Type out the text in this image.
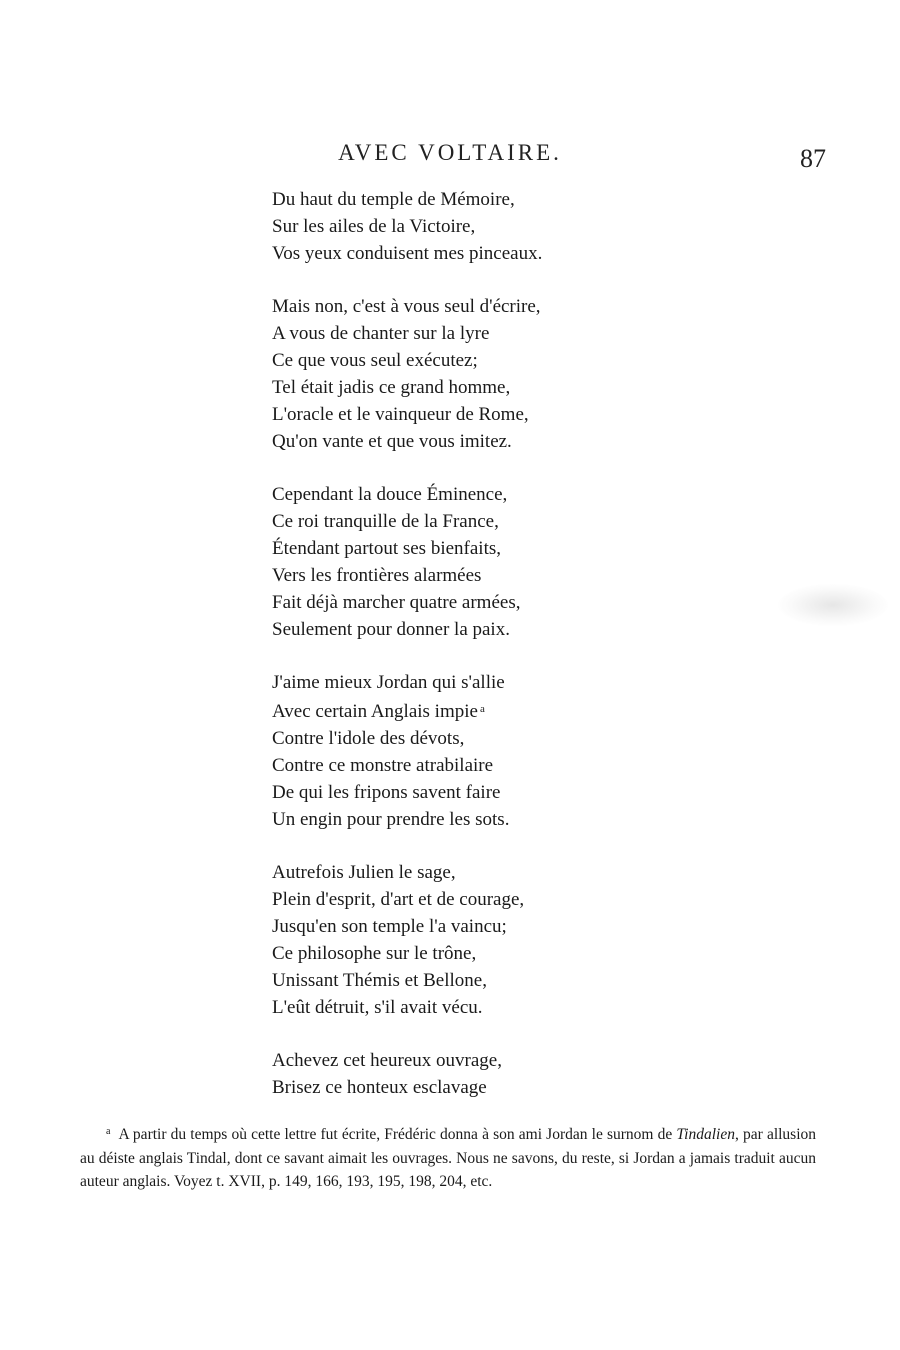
AVEC VOLTAIRE.	87
Du haut du temple de Mémoire,
Sur les ailes de la Victoire,
Vos yeux conduisent mes pinceaux.
Mais non, c'est à vous seul d'écrire,
A vous de chanter sur la lyre
Ce que vous seul exécutez;
Tel était jadis ce grand homme,
L'oracle et le vainqueur de Rome,
Qu'on vante et que vous imitez.
Cependant la douce Éminence,
Ce roi tranquille de la France,
Étendant partout ses bienfaits,
Vers les frontières alarmées
Fait déjà marcher quatre armées,
Seulement pour donner la paix.
J'aime mieux Jordan qui s'allie
Avec certain Anglais impie $^a$
Contre l'idole des dévots,
Contre ce monstre atrabilaire
De qui les fripons savent faire
Un engin pour prendre les sots.
Autrefois Julien le sage,
Plein d'esprit, d'art et de courage,
Jusqu'en son temple l'a vaincu;
Ce philosophe sur le trône,
Unissant Thémis et Bellone,
L'eût détruit, s'il avait vécu.
Achevez cet heureux ouvrage,
Brisez ce honteux esclavage
$^a$ A partir du temps où cette lettre fut écrite, Frédéric donna à son ami Jordan le surnom de Tindalien, par allusion au déiste anglais Tindal, dont ce savant aimait les ouvrages. Nous ne savons, du reste, si Jordan a jamais traduit aucun auteur anglais. Voyez t. XVII, p. 149, 166, 193, 195, 198, 204, etc.
